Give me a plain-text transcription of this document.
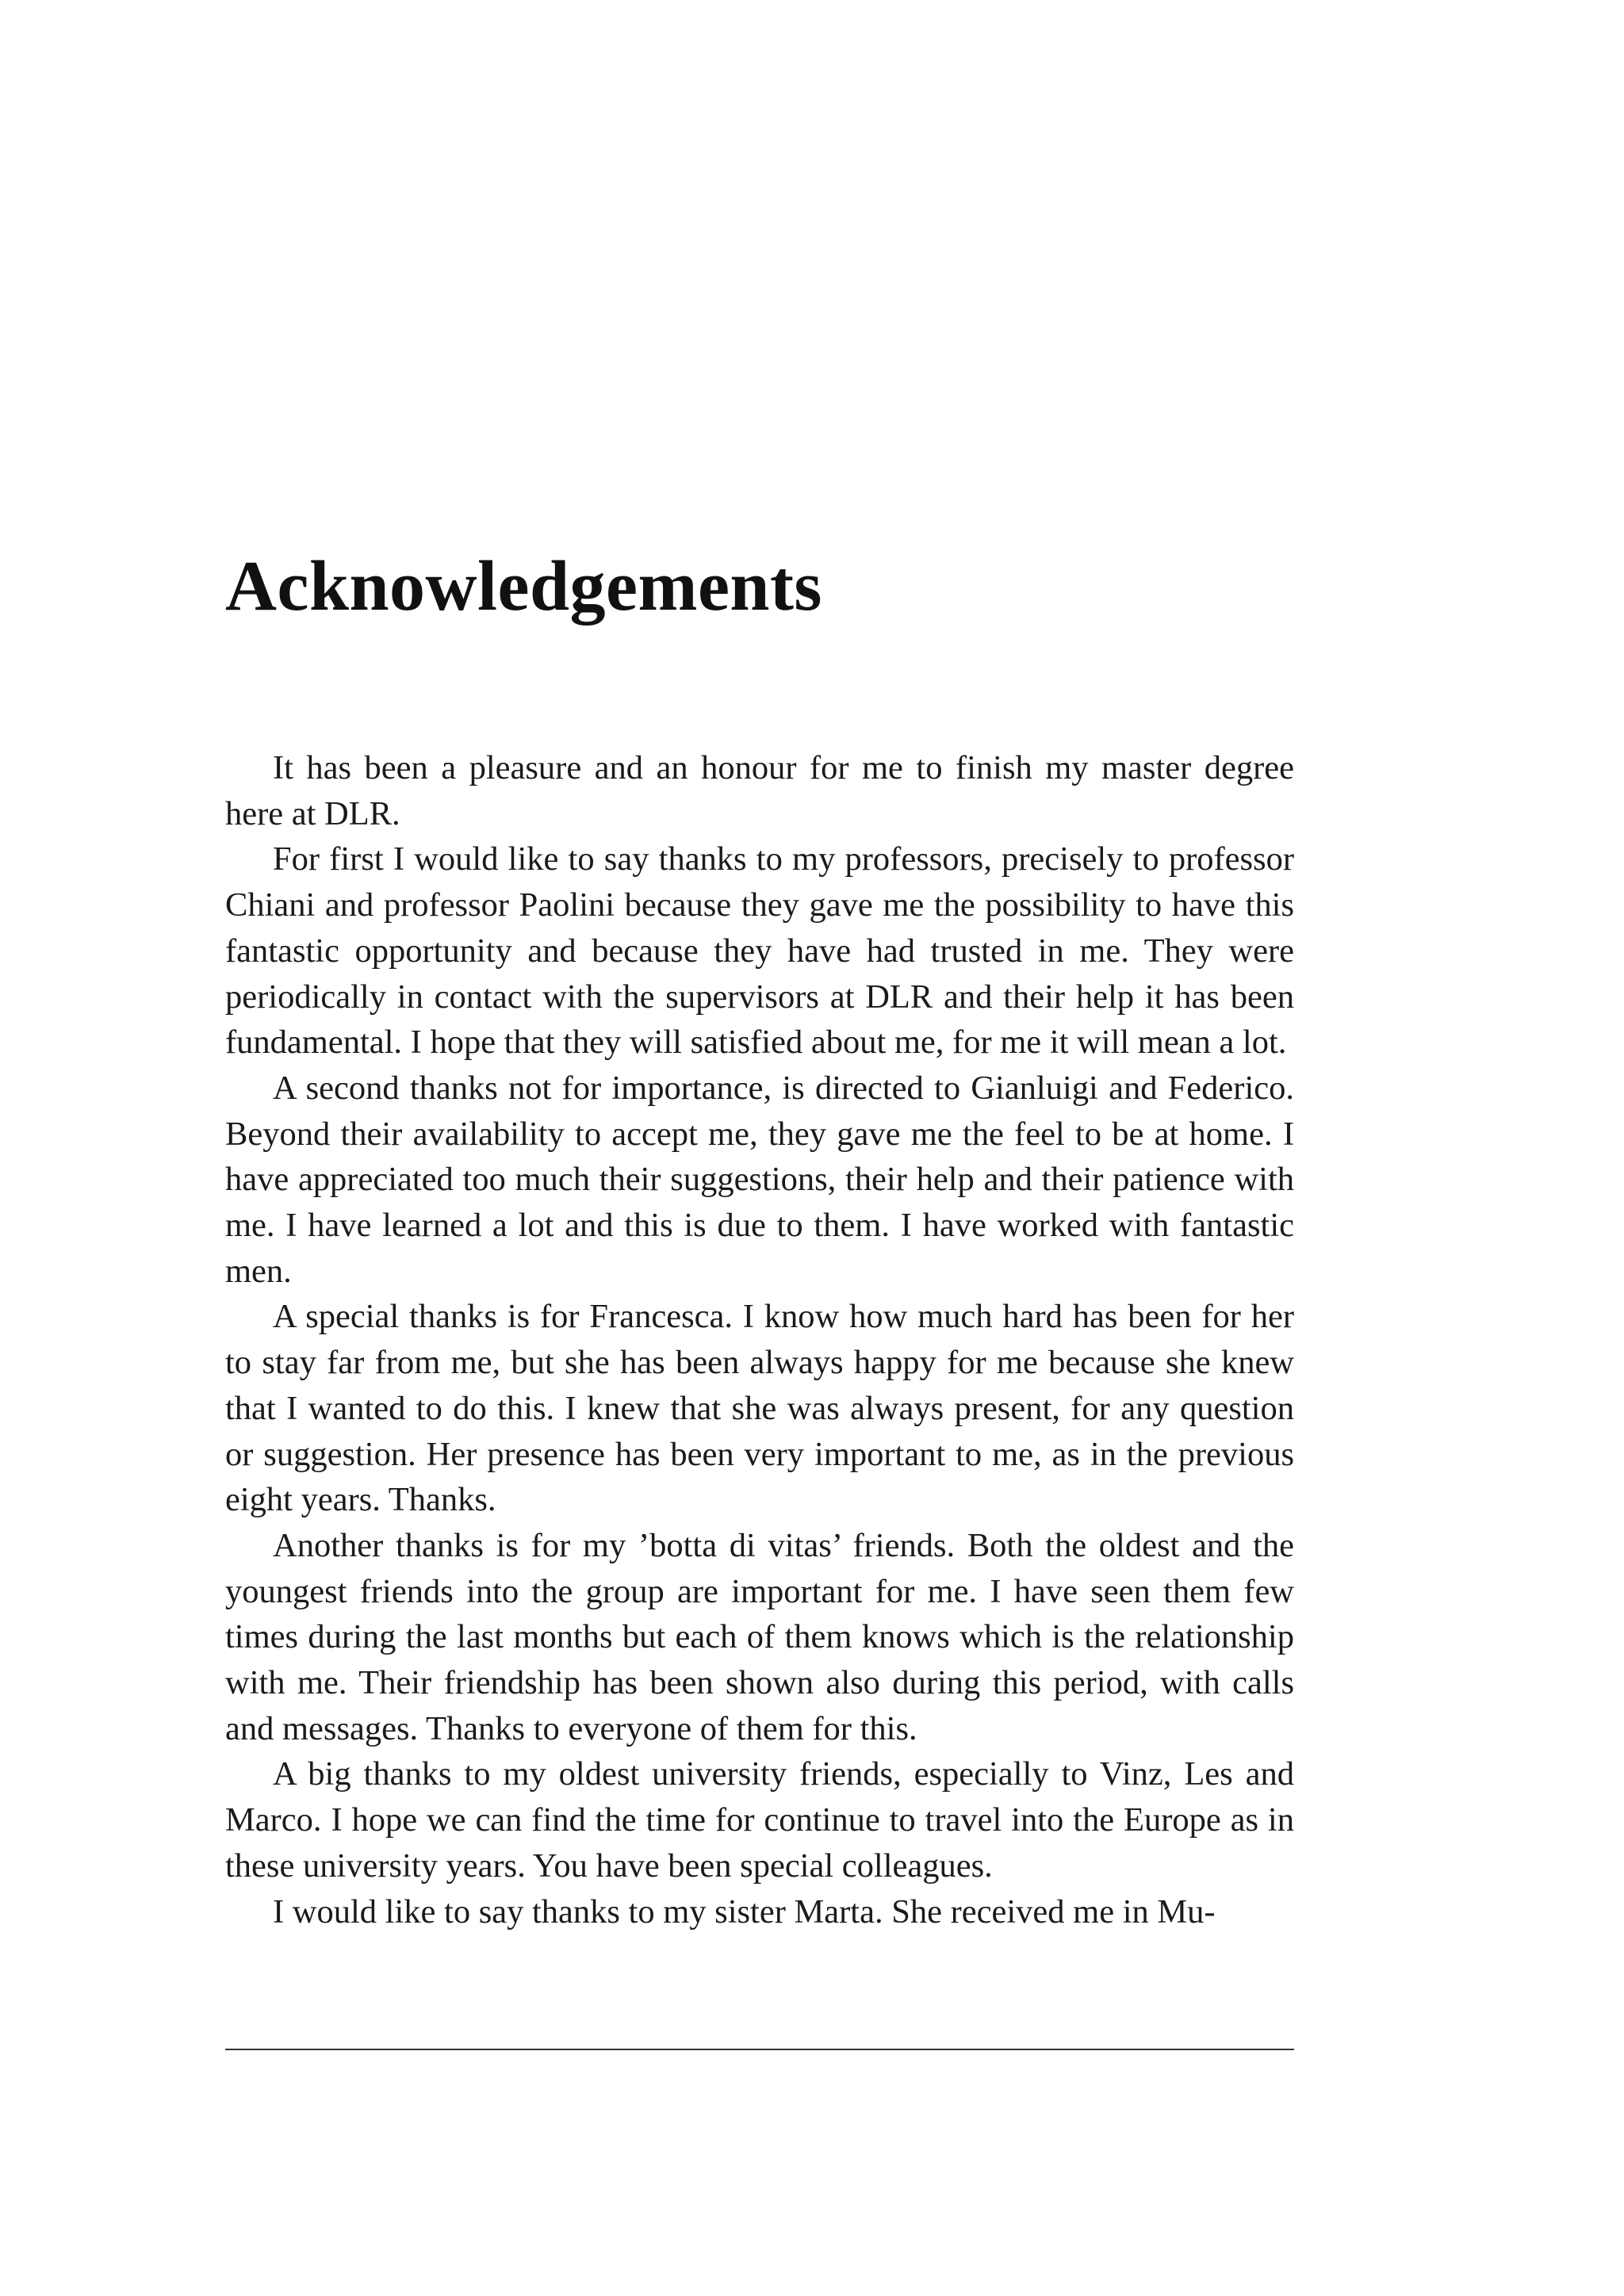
Acknowledgements

It has been a pleasure and an honour for me to finish my master degree here at DLR.

For first I would like to say thanks to my professors, precisely to professor Chiani and professor Paolini because they gave me the possibility to have this fantastic opportunity and because they have had trusted in me. They were periodically in contact with the supervisors at DLR and their help it has been fundamental. I hope that they will satisfied about me, for me it will mean a lot.

A second thanks not for importance, is directed to Gianluigi and Federico. Beyond their availability to accept me, they gave me the feel to be at home. I have appreciated too much their suggestions, their help and their patience with me. I have learned a lot and this is due to them. I have worked with fantastic men.

A special thanks is for Francesca. I know how much hard has been for her to stay far from me, but she has been always happy for me because she knew that I wanted to do this. I knew that she was always present, for any question or suggestion. Her presence has been very important to me, as in the previous eight years. Thanks.

Another thanks is for my ’botta di vitas’ friends. Both the oldest and the youngest friends into the group are important for me. I have seen them few times during the last months but each of them knows which is the relationship with me. Their friendship has been shown also during this period, with calls and messages. Thanks to everyone of them for this.

A big thanks to my oldest university friends, especially to Vinz, Les and Marco. I hope we can find the time for continue to travel into the Europe as in these university years. You have been special colleagues.

I would like to say thanks to my sister Marta. She received me in Mu-
